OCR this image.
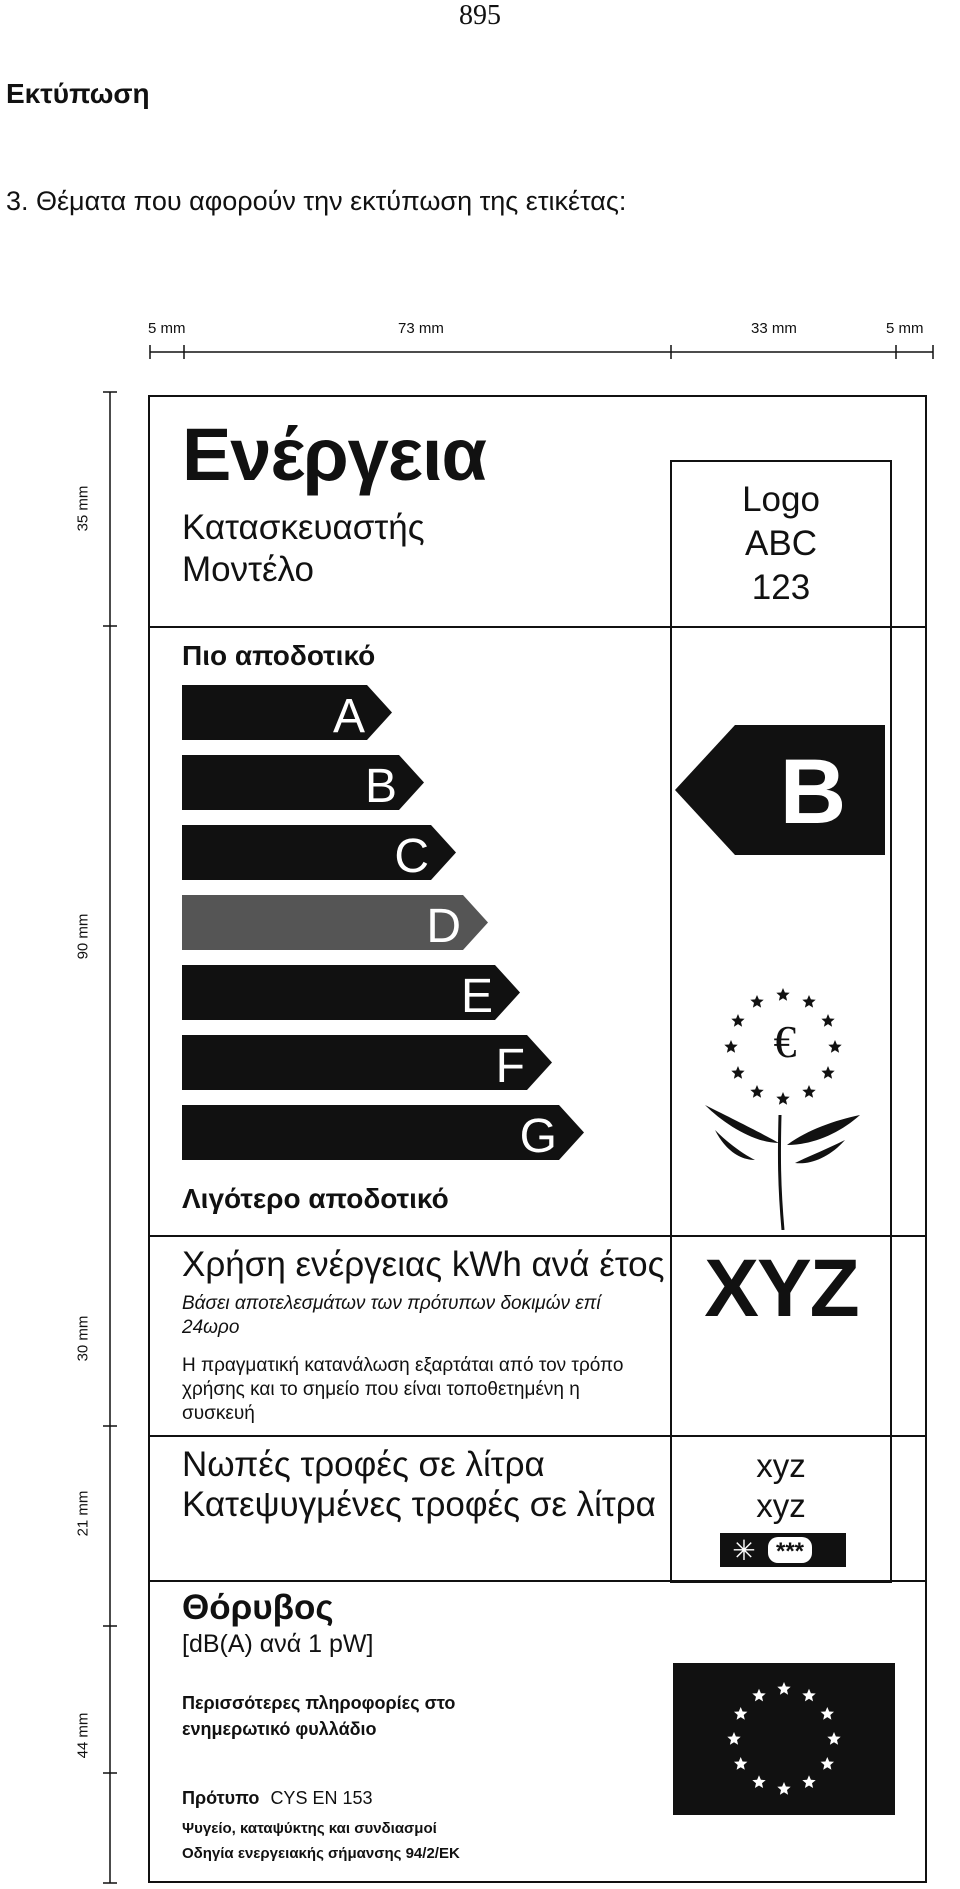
895
Εκτύπωση
3. Θέματα που αφορούν την εκτύπωση της ετικέτας:
5 mm	73 mm	33 mm	5 mm
35 mm
90 mm
30 mm
21 mm
44 mm
Ενέργεια
Κατασκευαστής
Μοντέλο
Logo
ABC
123
Πιο αποδοτικό
A
B
C
D
E
F
G
Λιγότερο αποδοτικό
B
€
Χρήση ενέργειας kWh ανά έτος
Βάσει αποτελεσμάτων των πρότυπων δοκιμών επί 24ωρο
Η πραγματική κατανάλωση εξαρτάται από τον τρόπο χρήσης και το σημείο που είναι τοποθετημένη η συσκευή
XYZ
Νωπές τροφές σε λίτρα
Κατεψυγμένες τροφές σε λίτρα
xyz
xyz
✳ ***
Θόρυβος
[dB(A) ανά 1 pW]
Περισσότερες πληροφορίες στο ενημερωτικό φυλλάδιο
Πρότυπο CYS EN 153
Ψυγείο, καταψύκτης και συνδιασμοί
Οδηγία ενεργειακής σήμανσης 94/2/ΕΚ
